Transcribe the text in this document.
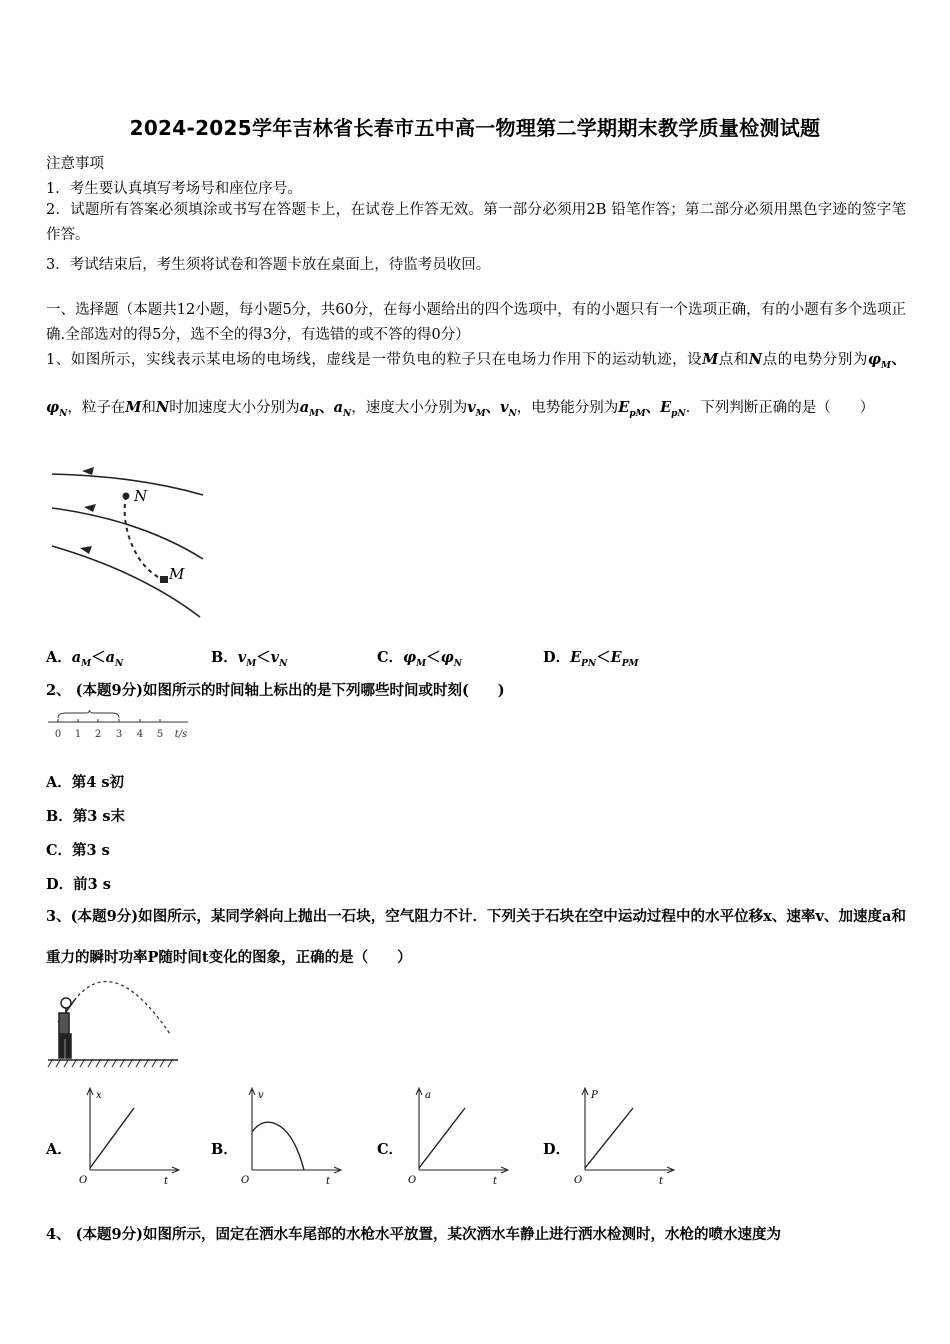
2024-2025学年吉林省长春市五中高一物理第二学期期末教学质量检测试题
注意事项
1．考生要认真填写考场号和座位序号。
2．试题所有答案必须填涂或书写在答题卡上，在试卷上作答无效。第一部分必须用2B 铅笔作答；第二部分必须用黑色字迹的签字笔作答。
3．考试结束后，考生须将试卷和答题卡放在桌面上，待监考员收回。
一、选择题（本题共12小题，每小题5分，共60分，在每小题给出的四个选项中，有的小题只有一个选项正确，有的小题有多个选项正确.全部选对的得5分，选不全的得3分，有选错的或不答的得0分）
1、如图所示，实线表示某电场的电场线，虚线是一带负电的粒子只在电场力作用下的运动轨迹，设M点和N点的电势分别为$\varphi_M$、$\varphi_N$，粒子在M和N时加速度大小分别为$a_M$、$a_N$，速度大小分别为$v_M$、$v_N$，电势能分别为$E_{pM}$、$E_{pN}$．下列判断正确的是（　　）
N
M
A．$a_M<a_N$	B．$v_M<v_N$	C．$\varphi_M<\varphi_N$	D．$E_{PN}<E_{PM}$
2、 (本题9分)如图所示的时间轴上标出的是下列哪些时间或时刻(　　)
0 1 2 3 4 5 t/s
A．第4 s初
B．第3 s末
C．第3 s
D．前3 s
3、(本题9分)如图所示，某同学斜向上抛出一石块，空气阻力不计．下列关于石块在空中运动过程中的水平位移x、速率v、加速度a和重力的瞬时功率P随时间t变化的图象，正确的是（　　）
A．
x
t
O
B．
v
t
O
C．
a
t
O
D．
P
t
O
4、 (本题9分)如图所示，固定在洒水车尾部的水枪水平放置，某次洒水车静止进行洒水检测时，水枪的喷水速度为
